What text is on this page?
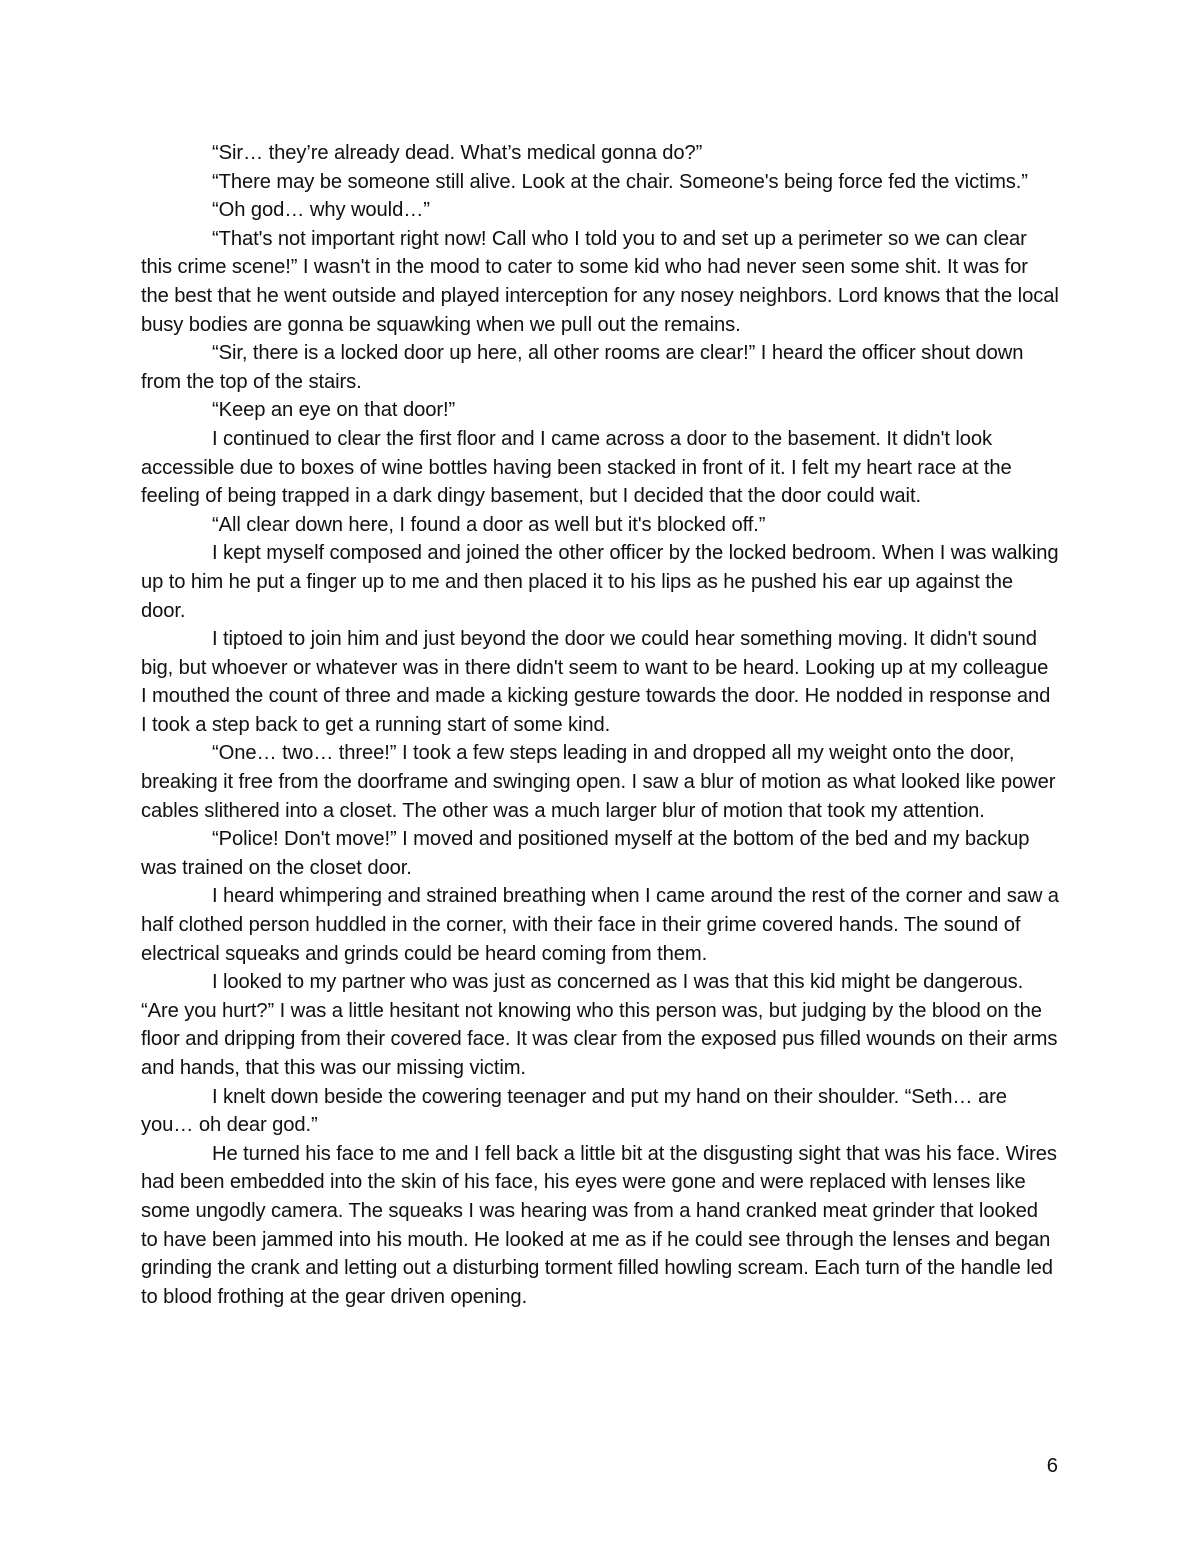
“Sir… they’re already dead. What’s medical gonna do?”

“There may be someone still alive. Look at the chair. Someone's being force fed the victims.”

“Oh god… why would…”

“That's not important right now! Call who I told you to and set up a perimeter so we can clear this crime scene!” I wasn't in the mood to cater to some kid who had never seen some shit. It was for the best that he went outside and played interception for any nosey neighbors. Lord knows that the local busy bodies are gonna be squawking when we pull out the remains.

“Sir, there is a locked door up here, all other rooms are clear!” I heard the officer shout down from the top of the stairs.

“Keep an eye on that door!”

I continued to clear the first floor and I came across a door to the basement. It didn't look accessible due to boxes of wine bottles having been stacked in front of it. I felt my heart race at the feeling of being trapped in a dark dingy basement, but I decided that the door could wait.

“All clear down here, I found a door as well but it's blocked off.”

I kept myself composed and joined the other officer by the locked bedroom. When I was walking up to him he put a finger up to me and then placed it to his lips as he pushed his ear up against the door.

I tiptoed to join him and just beyond the door we could hear something moving. It didn't sound big, but whoever or whatever was in there didn't seem to want to be heard. Looking up at my colleague I mouthed the count of three and made a kicking gesture towards the door. He nodded in response and I took a step back to get a running start of some kind.

“One… two… three!” I took a few steps leading in and dropped all my weight onto the door, breaking it free from the doorframe and swinging open. I saw a blur of motion as what looked like power cables slithered into a closet. The other was a much larger blur of motion that took my attention.

“Police! Don't move!” I moved and positioned myself at the bottom of the bed and my backup was trained on the closet door.

I heard whimpering and strained breathing when I came around the rest of the corner and saw a half clothed person huddled in the corner, with their face in their grime covered hands. The sound of electrical squeaks and grinds could be heard coming from them.

I looked to my partner who was just as concerned as I was that this kid might be dangerous. “Are you hurt?” I was a little hesitant not knowing who this person was, but judging by the blood on the floor and dripping from their covered face. It was clear from the exposed pus filled wounds on their arms and hands, that this was our missing victim.

I knelt down beside the cowering teenager and put my hand on their shoulder. “Seth… are you… oh dear god.”

He turned his face to me and I fell back a little bit at the disgusting sight that was his face. Wires had been embedded into the skin of his face, his eyes were gone and were replaced with lenses like some ungodly camera. The squeaks I was hearing was from a hand cranked meat grinder that looked to have been jammed into his mouth. He looked at me as if he could see through the lenses and began grinding the crank and letting out a disturbing torment filled howling scream. Each turn of the handle led to blood frothing at the gear driven opening.

6
